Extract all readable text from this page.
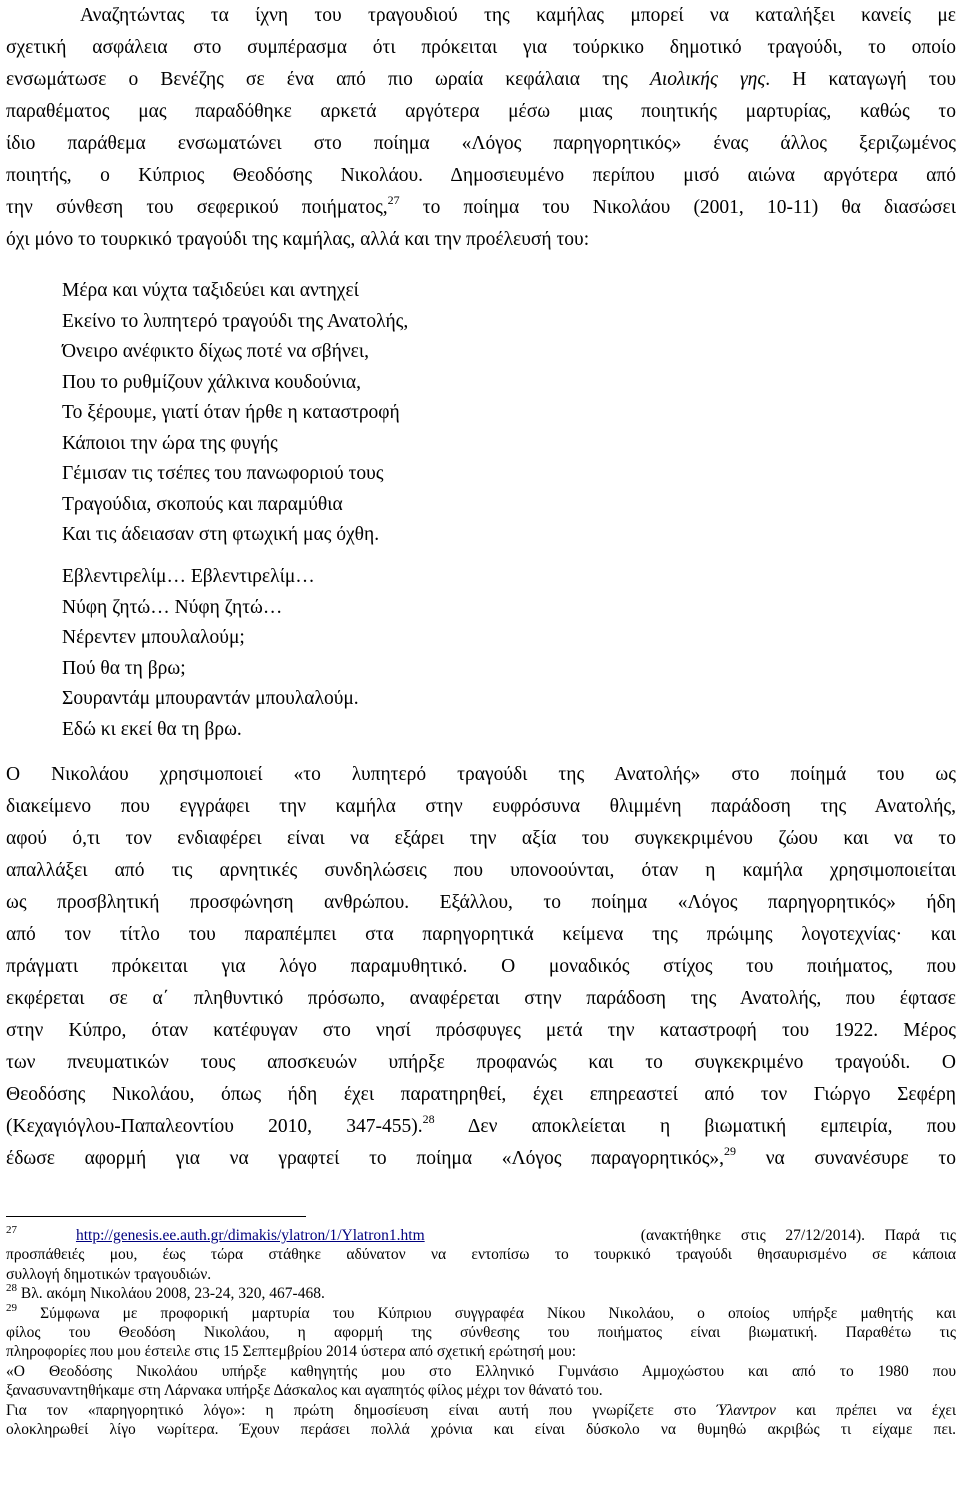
Αναζητώντας τα ίχνη του τραγουδιού της καμήλας μπορεί να καταλήξει κανείς με
σχετική ασφάλεια στο συμπέρασμα ότι πρόκειται για τούρκικο δημοτικό τραγούδι, το οποίο
ενσωμάτωσε ο Βενέζης σε ένα από πιο ωραία κεφάλαια της Αιολικής γης. Η καταγωγή του
παραθέματος μας παραδόθηκε αρκετά αργότερα μέσω μιας ποιητικής μαρτυρίας, καθώς το
ίδιο παράθεμα ενσωματώνει στο ποίημα «Λόγος παρηγορητικός» ένας άλλος ξεριζωμένος
ποιητής, ο Κύπριος Θεοδόσης Νικολάου. Δημοσιευμένο περίπου μισό αιώνα αργότερα από
την σύνθεση του σεφερικού ποιήματος,$^{27}$ το ποίημα του Νικολάου (2001, 10-11) θα διασώσει
όχι μόνο το τουρκικό τραγούδι της καμήλας, αλλά και την προέλευσή του:
Μέρα και νύχτα ταξιδεύει και αντηχεί
Εκείνο το λυπητερό τραγούδι της Ανατολής,
Όνειρο ανέφικτο δίχως ποτέ να σβήνει,
Που το ρυθμίζουν χάλκινα κουδούνια,
Το ξέρουμε, γιατί όταν ήρθε η καταστροφή
Κάποιοι την ώρα της φυγής
Γέμισαν τις τσέπες του πανωφοριού τους
Τραγούδια, σκοπούς και παραμύθια
Και τις άδειασαν στη φτωχική μας όχθη.
Εβλεντιρελίμ… Εβλεντιρελίμ…
Νύφη ζητώ… Νύφη ζητώ…
Νέρεντεν μπουλαλούμ;
Πού θα τη βρω;
Σουραντάμ μπουραντάν μπουλαλούμ.
Εδώ κι εκεί θα τη βρω.
Ο Νικολάου χρησιμοποιεί «το λυπητερό τραγούδι της Ανατολής» στο ποίημά του ως
διακείμενο που εγγράφει την καμήλα στην ευφρόσυνα θλιμμένη παράδοση της Ανατολής,
αφού ό,τι τον ενδιαφέρει είναι να εξάρει την αξία του συγκεκριμένου ζώου και να το
απαλλάξει από τις αρνητικές συνδηλώσεις που υπονοούνται, όταν η καμήλα χρησιμοποιείται
ως προσβλητική προσφώνηση ανθρώπου. Εξάλλου, το ποίημα «Λόγος παρηγορητικός» ήδη
από τον τίτλο του παραπέμπει στα παρηγορητικά κείμενα της πρώιμης λογοτεχνίας· και
πράγματι πρόκειται για λόγο παραμυθητικό. Ο μοναδικός στίχος του ποιήματος, που
εκφέρεται σε α΄ πληθυντικό πρόσωπο, αναφέρεται στην παράδοση της Ανατολής, που έφτασε
στην Κύπρο, όταν κατέφυγαν στο νησί πρόσφυγες μετά την καταστροφή του 1922. Μέρος
των πνευματικών τους αποσκευών υπήρξε προφανώς και το συγκεκριμένο τραγούδι. Ο
Θεοδόσης Νικολάου, όπως ήδη έχει παρατηρηθεί, έχει επηρεαστεί από τον Γιώργο Σεφέρη
(Κεχαγιόγλου-Παπαλεοντίου 2010, 347-455).$^{28}$ Δεν αποκλείεται η βιωματική εμπειρία, που
έδωσε αφορμή για να γραφτεί το ποίημα «Λόγος παραγορητικός»,$^{29}$ να συνανέσυρε το
$^{27}$	http://genesis.ee.auth.gr/dimakis/ylatron/1/Ylatron1.htm	(ανακτήθηκε στις 27/12/2014). Παρά τις
προσπάθειές μου, έως τώρα στάθηκε αδύνατον να εντοπίσω το τουρκικό τραγούδι θησαυρισμένο σε κάποια
συλλογή δημοτικών τραγουδιών.
$^{28}$ Βλ. ακόμη Νικολάου 2008, 23-24, 320, 467-468.
$^{29}$ Σύμφωνα με προφορική μαρτυρία του Κύπριου συγγραφέα Νίκου Νικολάου, ο οποίος υπήρξε μαθητής και
φίλος του Θεοδόση Νικολάου, η αφορμή της σύνθεσης του ποιήματος είναι βιωματική. Παραθέτω τις
πληροφορίες που μου έστειλε στις 15 Σεπτεμβρίου 2014 ύστερα από σχετική ερώτησή μου:
«Ο Θεοδόσης Νικολάου υπήρξε καθηγητής μου στο Ελληνικό Γυμνάσιο Αμμοχώστου και από το 1980 που
ξανασυναντηθήκαμε στη Λάρνακα υπήρξε Δάσκαλος και αγαπητός φίλος μέχρι τον θάνατό του.
Για τον «παρηγορητικό λόγο»: η πρώτη δημοσίευση είναι αυτή που γνωρίζετε στο Ύλαντρον και πρέπει να έχει
ολοκληρωθεί λίγο νωρίτερα. Έχουν περάσει πολλά χρόνια και είναι δύσκολο να θυμηθώ ακριβώς τι είχαμε πει.
